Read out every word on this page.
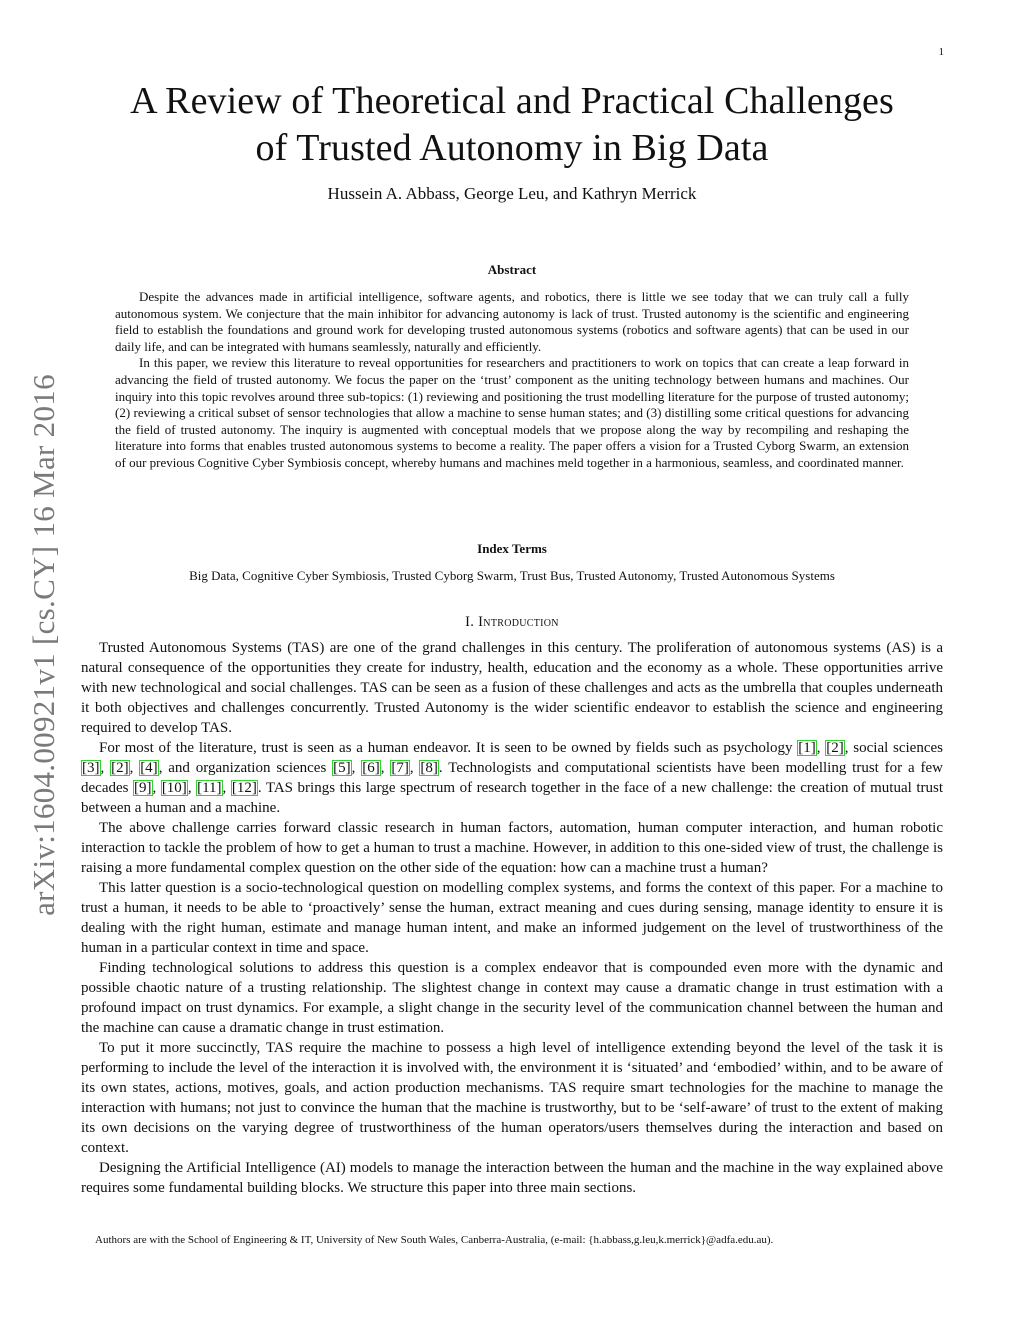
1
arXiv:1604.00921v1 [cs.CY] 16 Mar 2016
A Review of Theoretical and Practical Challenges
of Trusted Autonomy in Big Data
Hussein A. Abbass, George Leu, and Kathryn Merrick
Abstract

Despite the advances made in artificial intelligence, software agents, and robotics, there is little we see today that we can truly call a fully autonomous system. We conjecture that the main inhibitor for advancing autonomy is lack of trust. Trusted autonomy is the scientific and engineering field to establish the foundations and ground work for developing trusted autonomous systems (robotics and software agents) that can be used in our daily life, and can be integrated with humans seamlessly, naturally and efficiently.

In this paper, we review this literature to reveal opportunities for researchers and practitioners to work on topics that can create a leap forward in advancing the field of trusted autonomy. We focus the paper on the ‘trust’ component as the uniting technology between humans and machines. Our inquiry into this topic revolves around three sub-topics: (1) reviewing and positioning the trust modelling literature for the purpose of trusted autonomy; (2) reviewing a critical subset of sensor technologies that allow a machine to sense human states; and (3) distilling some critical questions for advancing the field of trusted autonomy. The inquiry is augmented with conceptual models that we propose along the way by recompiling and reshaping the literature into forms that enables trusted autonomous systems to become a reality. The paper offers a vision for a Trusted Cyborg Swarm, an extension of our previous Cognitive Cyber Symbiosis concept, whereby humans and machines meld together in a harmonious, seamless, and coordinated manner.

Index Terms
Big Data, Cognitive Cyber Symbiosis, Trusted Cyborg Swarm, Trust Bus, Trusted Autonomy, Trusted Autonomous Systems
I. Introduction

Trusted Autonomous Systems (TAS) are one of the grand challenges in this century. The proliferation of autonomous systems (AS) is a natural consequence of the opportunities they create for industry, health, education and the economy as a whole. These opportunities arrive with new technological and social challenges. TAS can be seen as a fusion of these challenges and acts as the umbrella that couples underneath it both objectives and challenges concurrently. Trusted Autonomy is the wider scientific endeavor to establish the science and engineering required to develop TAS.

For most of the literature, trust is seen as a human endeavor. It is seen to be owned by fields such as psychology [1], [2], social sciences [3], [2], [4], and organization sciences [5], [6], [7], [8]. Technologists and computational scientists have been modelling trust for a few decades [9], [10], [11], [12]. TAS brings this large spectrum of research together in the face of a new challenge: the creation of mutual trust between a human and a machine.

The above challenge carries forward classic research in human factors, automation, human computer interaction, and human robotic interaction to tackle the problem of how to get a human to trust a machine. However, in addition to this one-sided view of trust, the challenge is raising a more fundamental complex question on the other side of the equation: how can a machine trust a human?

This latter question is a socio-technological question on modelling complex systems, and forms the context of this paper. For a machine to trust a human, it needs to be able to ‘proactively’ sense the human, extract meaning and cues during sensing, manage identity to ensure it is dealing with the right human, estimate and manage human intent, and make an informed judgement on the level of trustworthiness of the human in a particular context in time and space.

Finding technological solutions to address this question is a complex endeavor that is compounded even more with the dynamic and possible chaotic nature of a trusting relationship. The slightest change in context may cause a dramatic change in trust estimation with a profound impact on trust dynamics. For example, a slight change in the security level of the communication channel between the human and the machine can cause a dramatic change in trust estimation.

To put it more succinctly, TAS require the machine to possess a high level of intelligence extending beyond the level of the task it is performing to include the level of the interaction it is involved with, the environment it is ‘situated’ and ‘embodied’ within, and to be aware of its own states, actions, motives, goals, and action production mechanisms. TAS require smart technologies for the machine to manage the interaction with humans; not just to convince the human that the machine is trustworthy, but to be ‘self-aware’ of trust to the extent of making its own decisions on the varying degree of trustworthiness of the human operators/users themselves during the interaction and based on context.

Designing the Artificial Intelligence (AI) models to manage the interaction between the human and the machine in the way explained above requires some fundamental building blocks. We structure this paper into three main sections.

Authors are with the School of Engineering & IT, University of New South Wales, Canberra-Australia, (e-mail: {h.abbass,g.leu,k.merrick}@adfa.edu.au).
